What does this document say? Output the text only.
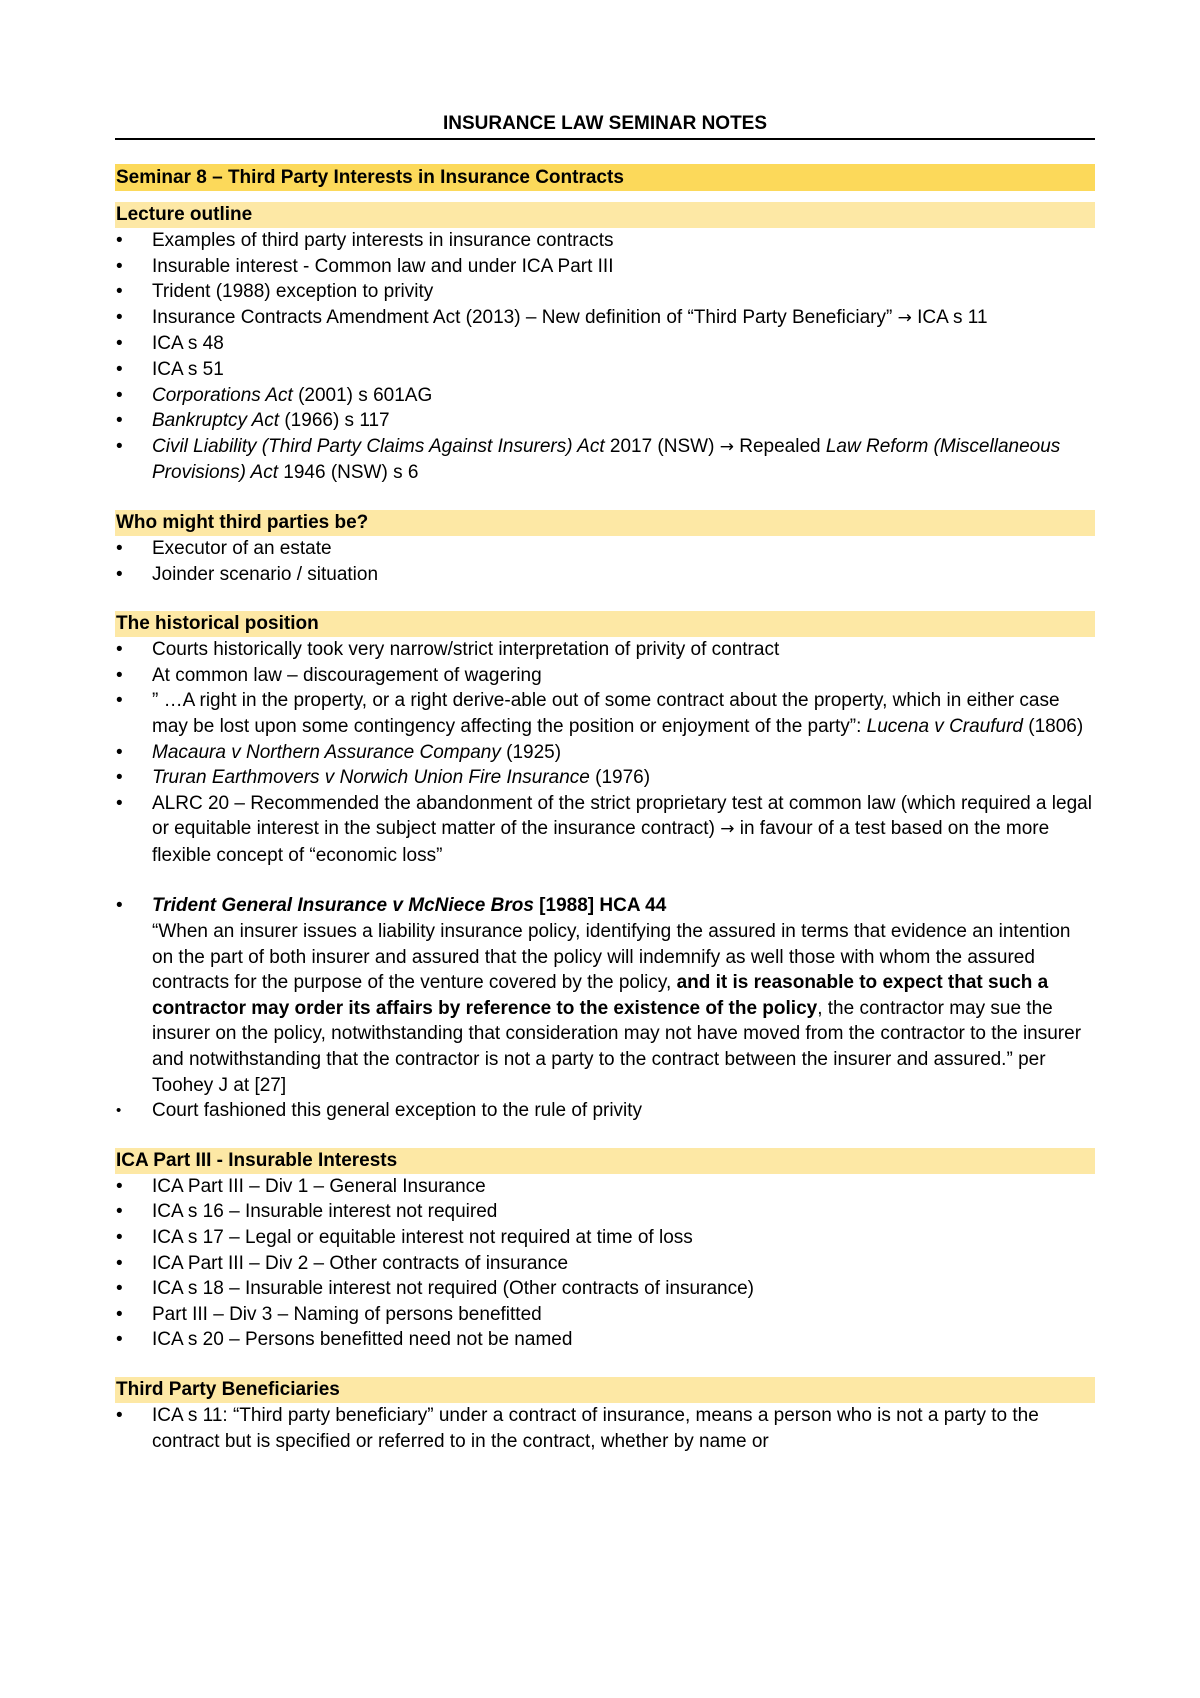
INSURANCE LAW SEMINAR NOTES
Seminar 8 – Third Party Interests in Insurance Contracts
Lecture outline
• Examples of third party interests in insurance contracts
• Insurable interest - Common law and under ICA Part III
• Trident (1988) exception to privity
• Insurance Contracts Amendment Act (2013) – New definition of “Third Party Beneficiary” → ICA s 11
• ICA s 48
• ICA s 51
• Corporations Act (2001) s 601AG
• Bankruptcy Act (1966) s 117
• Civil Liability (Third Party Claims Against Insurers) Act 2017 (NSW) → Repealed Law Reform (Miscellaneous Provisions) Act 1946 (NSW) s 6
Who might third parties be?
• Executor of an estate
• Joinder scenario / situation
The historical position
• Courts historically took very narrow/strict interpretation of privity of contract
• At common law – discouragement of wagering
• ” …A right in the property, or a right derive-able out of some contract about the property, which in either case may be lost upon some contingency affecting the position or enjoyment of the party”: Lucena v Craufurd (1806)
• Macaura v Northern Assurance Company (1925)
• Truran Earthmovers v Norwich Union Fire Insurance (1976)
• ALRC 20 – Recommended the abandonment of the strict proprietary test at common law (which required a legal or equitable interest in the subject matter of the insurance contract) → in favour of a test based on the more flexible concept of “economic loss”
• Trident General Insurance v McNiece Bros [1988] HCA 44
“When an insurer issues a liability insurance policy, identifying the assured in terms that evidence an intention on the part of both insurer and assured that the policy will indemnify as well those with whom the assured contracts for the purpose of the venture covered by the policy, and it is reasonable to expect that such a contractor may order its affairs by reference to the existence of the policy, the contractor may sue the insurer on the policy, notwithstanding that consideration may not have moved from the contractor to the insurer and notwithstanding that the contractor is not a party to the contract between the insurer and assured.” per Toohey J at [27]
• Court fashioned this general exception to the rule of privity
ICA Part III - Insurable Interests
• ICA Part III – Div 1 – General Insurance
• ICA s 16 – Insurable interest not required
• ICA s 17 – Legal or equitable interest not required at time of loss
• ICA Part III – Div 2 – Other contracts of insurance
• ICA s 18 – Insurable interest not required (Other contracts of insurance)
• Part III – Div 3 – Naming of persons benefitted
• ICA s 20 – Persons benefitted need not be named
Third Party Beneficiaries
• ICA s 11: “Third party beneficiary” under a contract of insurance, means a person who is not a party to the contract but is specified or referred to in the contract, whether by name or
